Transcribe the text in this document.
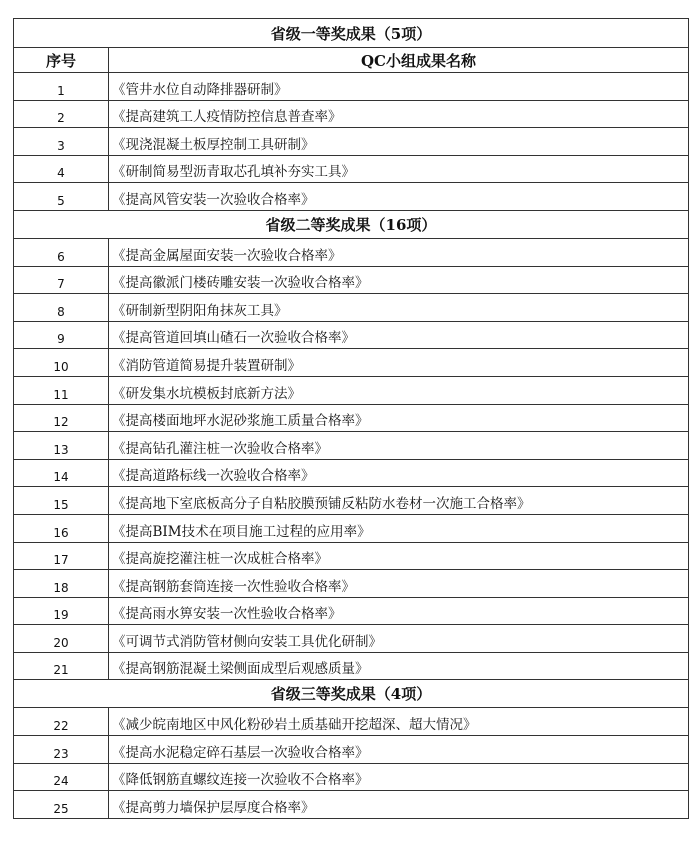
省级一等奖成果（5项）
序号	QC小组成果名称
1	《管井水位自动降排器研制》
2	《提高建筑工人疫情防控信息普查率》
3	《现浇混凝土板厚控制工具研制》
4	《研制简易型沥青取芯孔填补夯实工具》
5	《提高风管安装一次验收合格率》
省级二等奖成果（16项）
6	《提高金属屋面安装一次验收合格率》
7	《提高徽派门楼砖雕安装一次验收合格率》
8	《研制新型阴阳角抹灰工具》
9	《提高管道回填山碴石一次验收合格率》
10	《消防管道简易提升装置研制》
11	《研发集水坑模板封底新方法》
12	《提高楼面地坪水泥砂浆施工质量合格率》
13	《提高钻孔灌注桩一次验收合格率》
14	《提高道路标线一次验收合格率》
15	《提高地下室底板高分子自粘胶膜预铺反粘防水卷材一次施工合格率》
16	《提高BIM技术在项目施工过程的应用率》
17	《提高旋挖灌注桩一次成桩合格率》
18	《提高钢筋套筒连接一次性验收合格率》
19	《提高雨水箅安装一次性验收合格率》
20	《可调节式消防管材侧向安装工具优化研制》
21	《提高钢筋混凝土梁侧面成型后观感质量》
省级三等奖成果（4项）
22	《减少皖南地区中风化粉砂岩土质基础开挖超深、超大情况》
23	《提高水泥稳定碎石基层一次验收合格率》
24	《降低钢筋直螺纹连接一次验收不合格率》
25	《提高剪力墙保护层厚度合格率》
